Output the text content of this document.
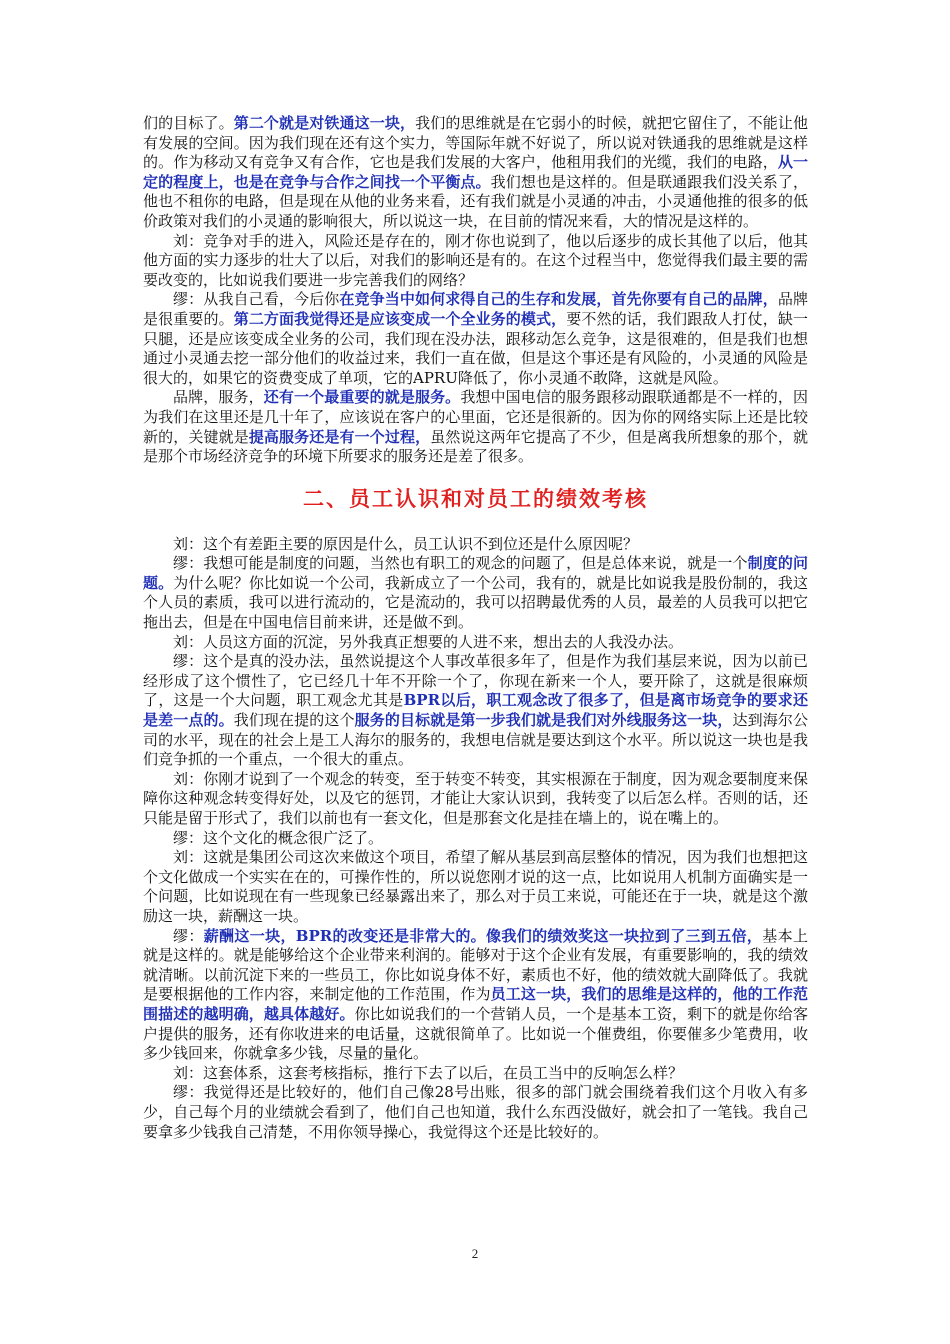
们的目标了。第二个就是对铁通这一块，我们的思维就是在它弱小的时候，就把它留住了，不能让他有发展的空间。因为我们现在还有这个实力，等国际年就不好说了，所以说对铁通我的思维就是这样的。作为移动又有竞争又有合作，它也是我们发展的大客户，他租用我们的光缆，我们的电路，从一定的程度上，也是在竞争与合作之间找一个平衡点。我们想也是这样的。但是联通跟我们没关系了，他也不租你的电路，但是现在从他的业务来看，还有我们就是小灵通的冲击，小灵通他推的很多的低价政策对我们的小灵通的影响很大，所以说这一块，在目前的情况来看，大的情况是这样的。

刘：竞争对手的进入，风险还是存在的，刚才你也说到了，他以后逐步的成长其他了以后，他其他方面的实力逐步的壮大了以后，对我们的影响还是有的。在这个过程当中，您觉得我们最主要的需要改变的，比如说我们要进一步完善我们的网络？

缪：从我自己看，今后你在竞争当中如何求得自己的生存和发展，首先你要有自己的品牌，品牌是很重要的。第二方面我觉得还是应该变成一个全业务的模式，要不然的话，我们跟敌人打仗，缺一只腿，还是应该变成全业务的公司，我们现在没办法，跟移动怎么竞争，这是很难的，但是我们也想通过小灵通去挖一部分他们的收益过来，我们一直在做，但是这个事还是有风险的，小灵通的风险是很大的，如果它的资费变成了单项，它的APRU降低了，你小灵通不敢降，这就是风险。

品牌，服务，还有一个最重要的就是服务。我想中国电信的服务跟移动跟联通都是不一样的，因为我们在这里还是几十年了，应该说在客户的心里面，它还是很新的。因为你的网络实际上还是比较新的，关键就是提高服务还是有一个过程，虽然说这两年它提高了不少，但是离我所想象的那个，就是那个市场经济竞争的环境下所要求的服务还是差了很多。

二、员工认识和对员工的绩效考核

刘：这个有差距主要的原因是什么，员工认识不到位还是什么原因呢？

缪：我想可能是制度的问题，当然也有职工的观念的问题了，但是总体来说，就是一个制度的问题。为什么呢？你比如说一个公司，我新成立了一个公司，我有的，就是比如说我是股份制的，我这个人员的素质，我可以进行流动的，它是流动的，我可以招聘最优秀的人员，最差的人员我可以把它拖出去，但是在中国电信目前来讲，还是做不到。

刘：人员这方面的沉淀，另外我真正想要的人进不来，想出去的人我没办法。

缪：这个是真的没办法，虽然说提这个人事改革很多年了，但是作为我们基层来说，因为以前已经形成了这个惯性了，它已经几十年不开除一个了，你现在新来一个人，要开除了，这就是很麻烦了，这是一个大问题，职工观念尤其是BPR以后，职工观念改了很多了，但是离市场竞争的要求还是差一点的。我们现在提的这个服务的目标就是第一步我们就是我们对外线服务这一块，达到海尔公司的水平，现在的社会上是工人海尔的服务的，我想电信就是要达到这个水平。所以说这一块也是我们竞争抓的一个重点，一个很大的重点。

刘：你刚才说到了一个观念的转变，至于转变不转变，其实根源在于制度，因为观念要制度来保障你这种观念转变得好处，以及它的惩罚，才能让大家认识到，我转变了以后怎么样。否则的话，还只能是留于形式了，我们以前也有一套文化，但是那套文化是挂在墙上的，说在嘴上的。

缪：这个文化的概念很广泛了。

刘：这就是集团公司这次来做这个项目，希望了解从基层到高层整体的情况，因为我们也想把这个文化做成一个实实在在的，可操作性的，所以说您刚才说的这一点，比如说用人机制方面确实是一个问题，比如说现在有一些现象已经暴露出来了，那么对于员工来说，可能还在于一块，就是这个激励这一块，薪酬这一块。

缪：薪酬这一块，BPR的改变还是非常大的。像我们的绩效奖这一块拉到了三到五倍，基本上就是这样的。就是能够给这个企业带来利润的。能够对于这个企业有发展，有重要影响的，我的绩效就清晰。以前沉淀下来的一些员工，你比如说身体不好，素质也不好，他的绩效就大副降低了。我就是要根据他的工作内容，来制定他的工作范围，作为员工这一块，我们的思维是这样的，他的工作范围描述的越明确，越具体越好。你比如说我们的一个营销人员，一个是基本工资，剩下的就是你给客户提供的服务，还有你收进来的电话量，这就很简单了。比如说一个催费组，你要催多少笔费用，收多少钱回来，你就拿多少钱，尽量的量化。

刘：这套体系，这套考核指标，推行下去了以后，在员工当中的反响怎么样？

缪：我觉得还是比较好的，他们自己像28号出账，很多的部门就会围绕着我们这个月收入有多少，自己每个月的业绩就会看到了，他们自己也知道，我什么东西没做好，就会扣了一笔钱。我自己要拿多少钱我自己清楚，不用你领导操心，我觉得这个还是比较好的。

2
